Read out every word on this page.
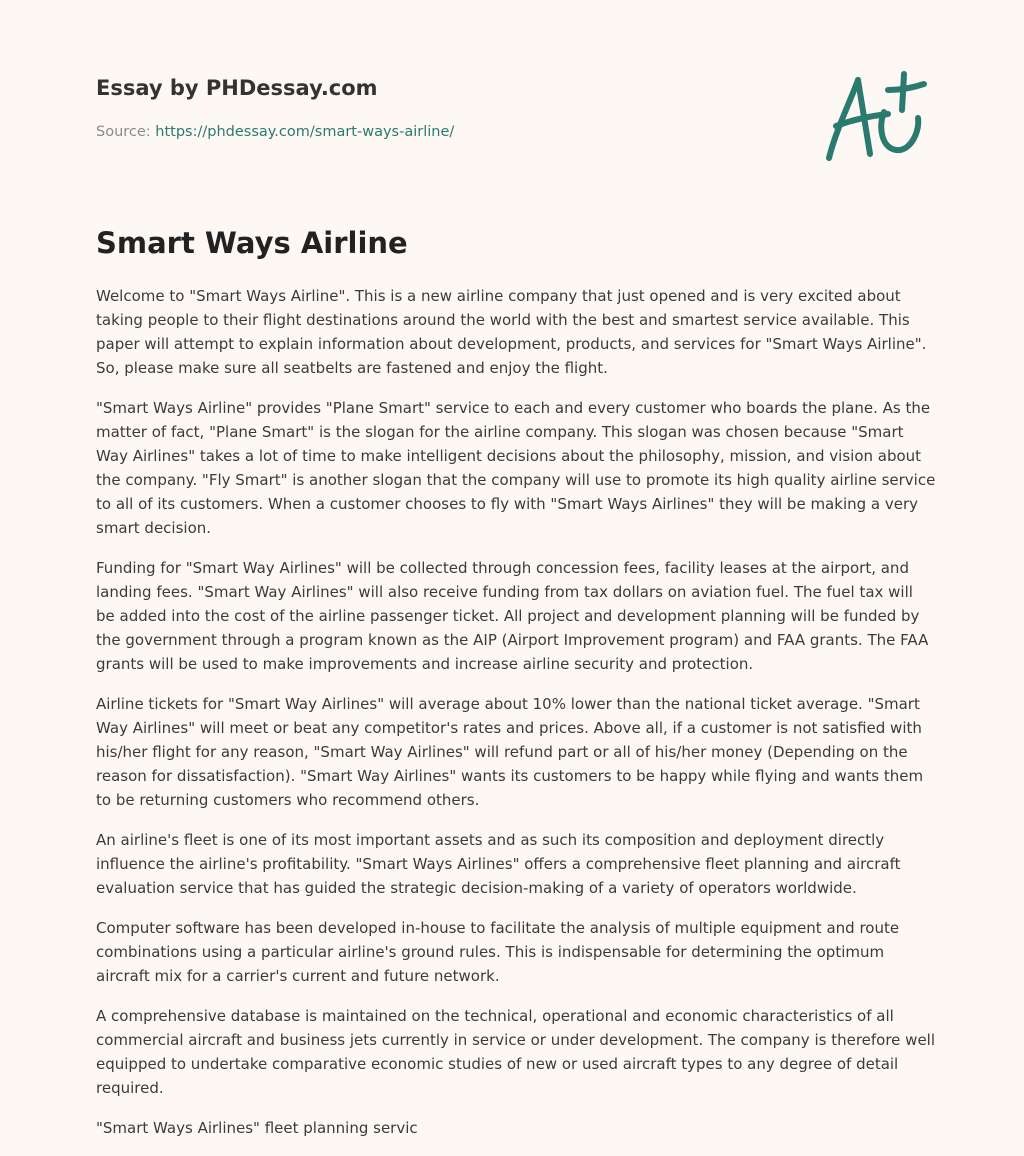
Essay by PHDessay.com
Source: https://phdessay.com/smart-ways-airline/
Smart Ways Airline

Welcome to "Smart Ways Airline". This is a new airline company that just opened and is very excited about taking people to their flight destinations around the world with the best and smartest service available. This paper will attempt to explain information about development, products, and services for "Smart Ways Airline". So, please make sure all seatbelts are fastened and enjoy the flight.

"Smart Ways Airline" provides "Plane Smart" service to each and every customer who boards the plane. As the matter of fact, "Plane Smart" is the slogan for the airline company. This slogan was chosen because "Smart Way Airlines" takes a lot of time to make intelligent decisions about the philosophy, mission, and vision about the company. "Fly Smart" is another slogan that the company will use to promote its high quality airline service to all of its customers. When a customer chooses to fly with "Smart Ways Airlines" they will be making a very smart decision.

Funding for "Smart Way Airlines" will be collected through concession fees, facility leases at the airport, and landing fees. "Smart Way Airlines" will also receive funding from tax dollars on aviation fuel. The fuel tax will be added into the cost of the airline passenger ticket. All project and development planning will be funded by the government through a program known as the AIP (Airport Improvement program) and FAA grants. The FAA grants will be used to make improvements and increase airline security and protection.

Airline tickets for "Smart Way Airlines" will average about 10% lower than the national ticket average. "Smart Way Airlines" will meet or beat any competitor's rates and prices. Above all, if a customer is not satisfied with his/her flight for any reason, "Smart Way Airlines" will refund part or all of his/her money (Depending on the reason for dissatisfaction). "Smart Way Airlines" wants its customers to be happy while flying and wants them to be returning customers who recommend others.

An airline's fleet is one of its most important assets and as such its composition and deployment directly influence the airline's profitability. "Smart Ways Airlines" offers a comprehensive fleet planning and aircraft evaluation service that has guided the strategic decision-making of a variety of operators worldwide.

Computer software has been developed in-house to facilitate the analysis of multiple equipment and route combinations using a particular airline's ground rules. This is indispensable for determining the optimum aircraft mix for a carrier's current and future network.

A comprehensive database is maintained on the technical, operational and economic characteristics of all commercial aircraft and business jets currently in service or under development. The company is therefore well equipped to undertake comparative economic studies of new or used aircraft types to any degree of detail required.

"Smart Ways Airlines" fleet planning servic
